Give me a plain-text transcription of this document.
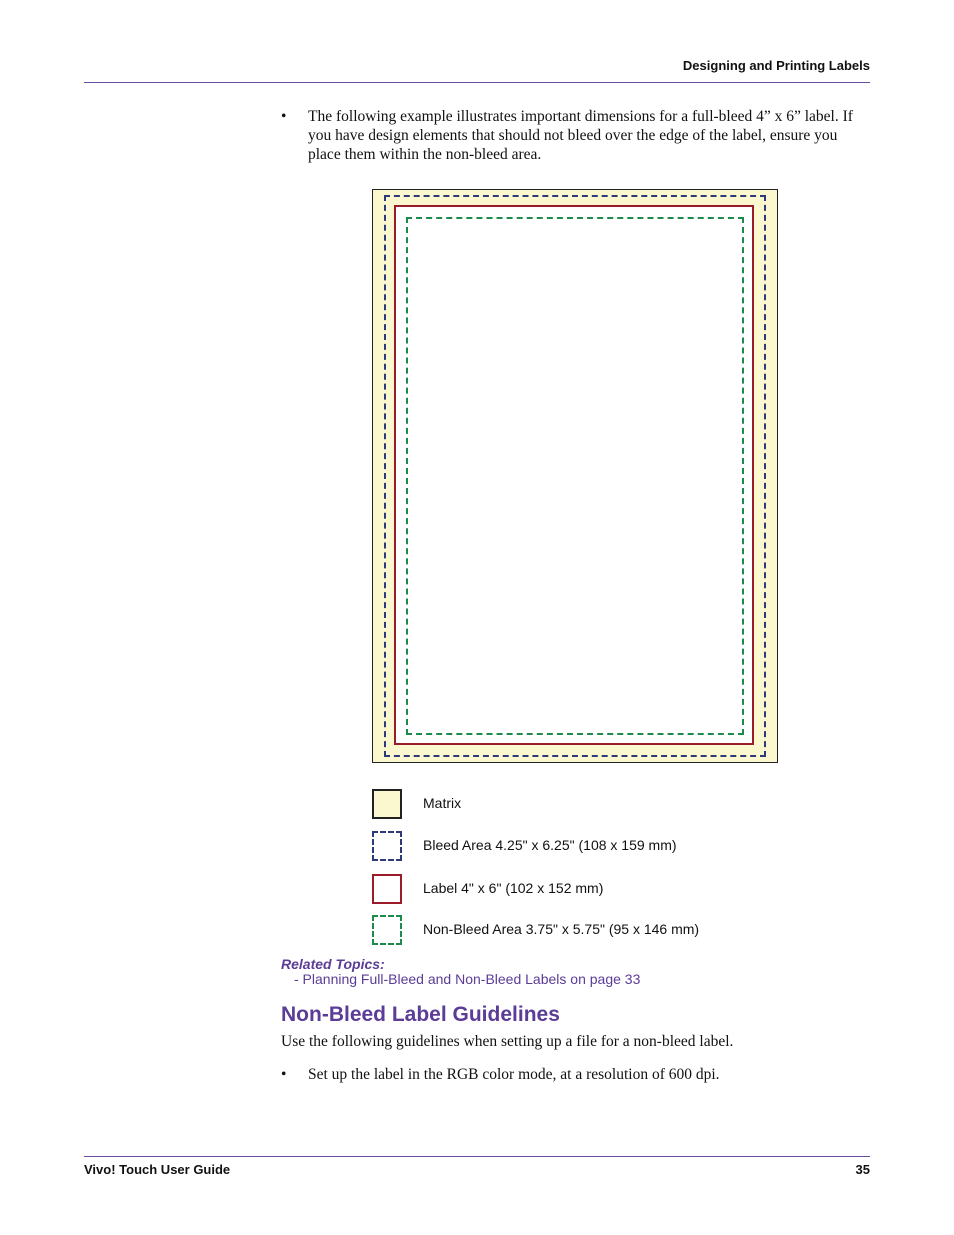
Designing and Printing Labels
• The following example illustrates important dimensions for a full-bleed 4” x 6” label. If you have design elements that should not bleed over the edge of the label, ensure you place them within the non-bleed area.
Matrix
Bleed Area 4.25" x 6.25" (108 x 159 mm)
Label 4" x 6" (102 x 152 mm)
Non-Bleed Area 3.75" x 5.75" (95 x 146 mm)
Related Topics:
- Planning Full-Bleed and Non-Bleed Labels on page 33
Non-Bleed Label Guidelines
Use the following guidelines when setting up a file for a non-bleed label.
• Set up the label in the RGB color mode, at a resolution of 600 dpi.
Vivo! Touch User Guide	35
